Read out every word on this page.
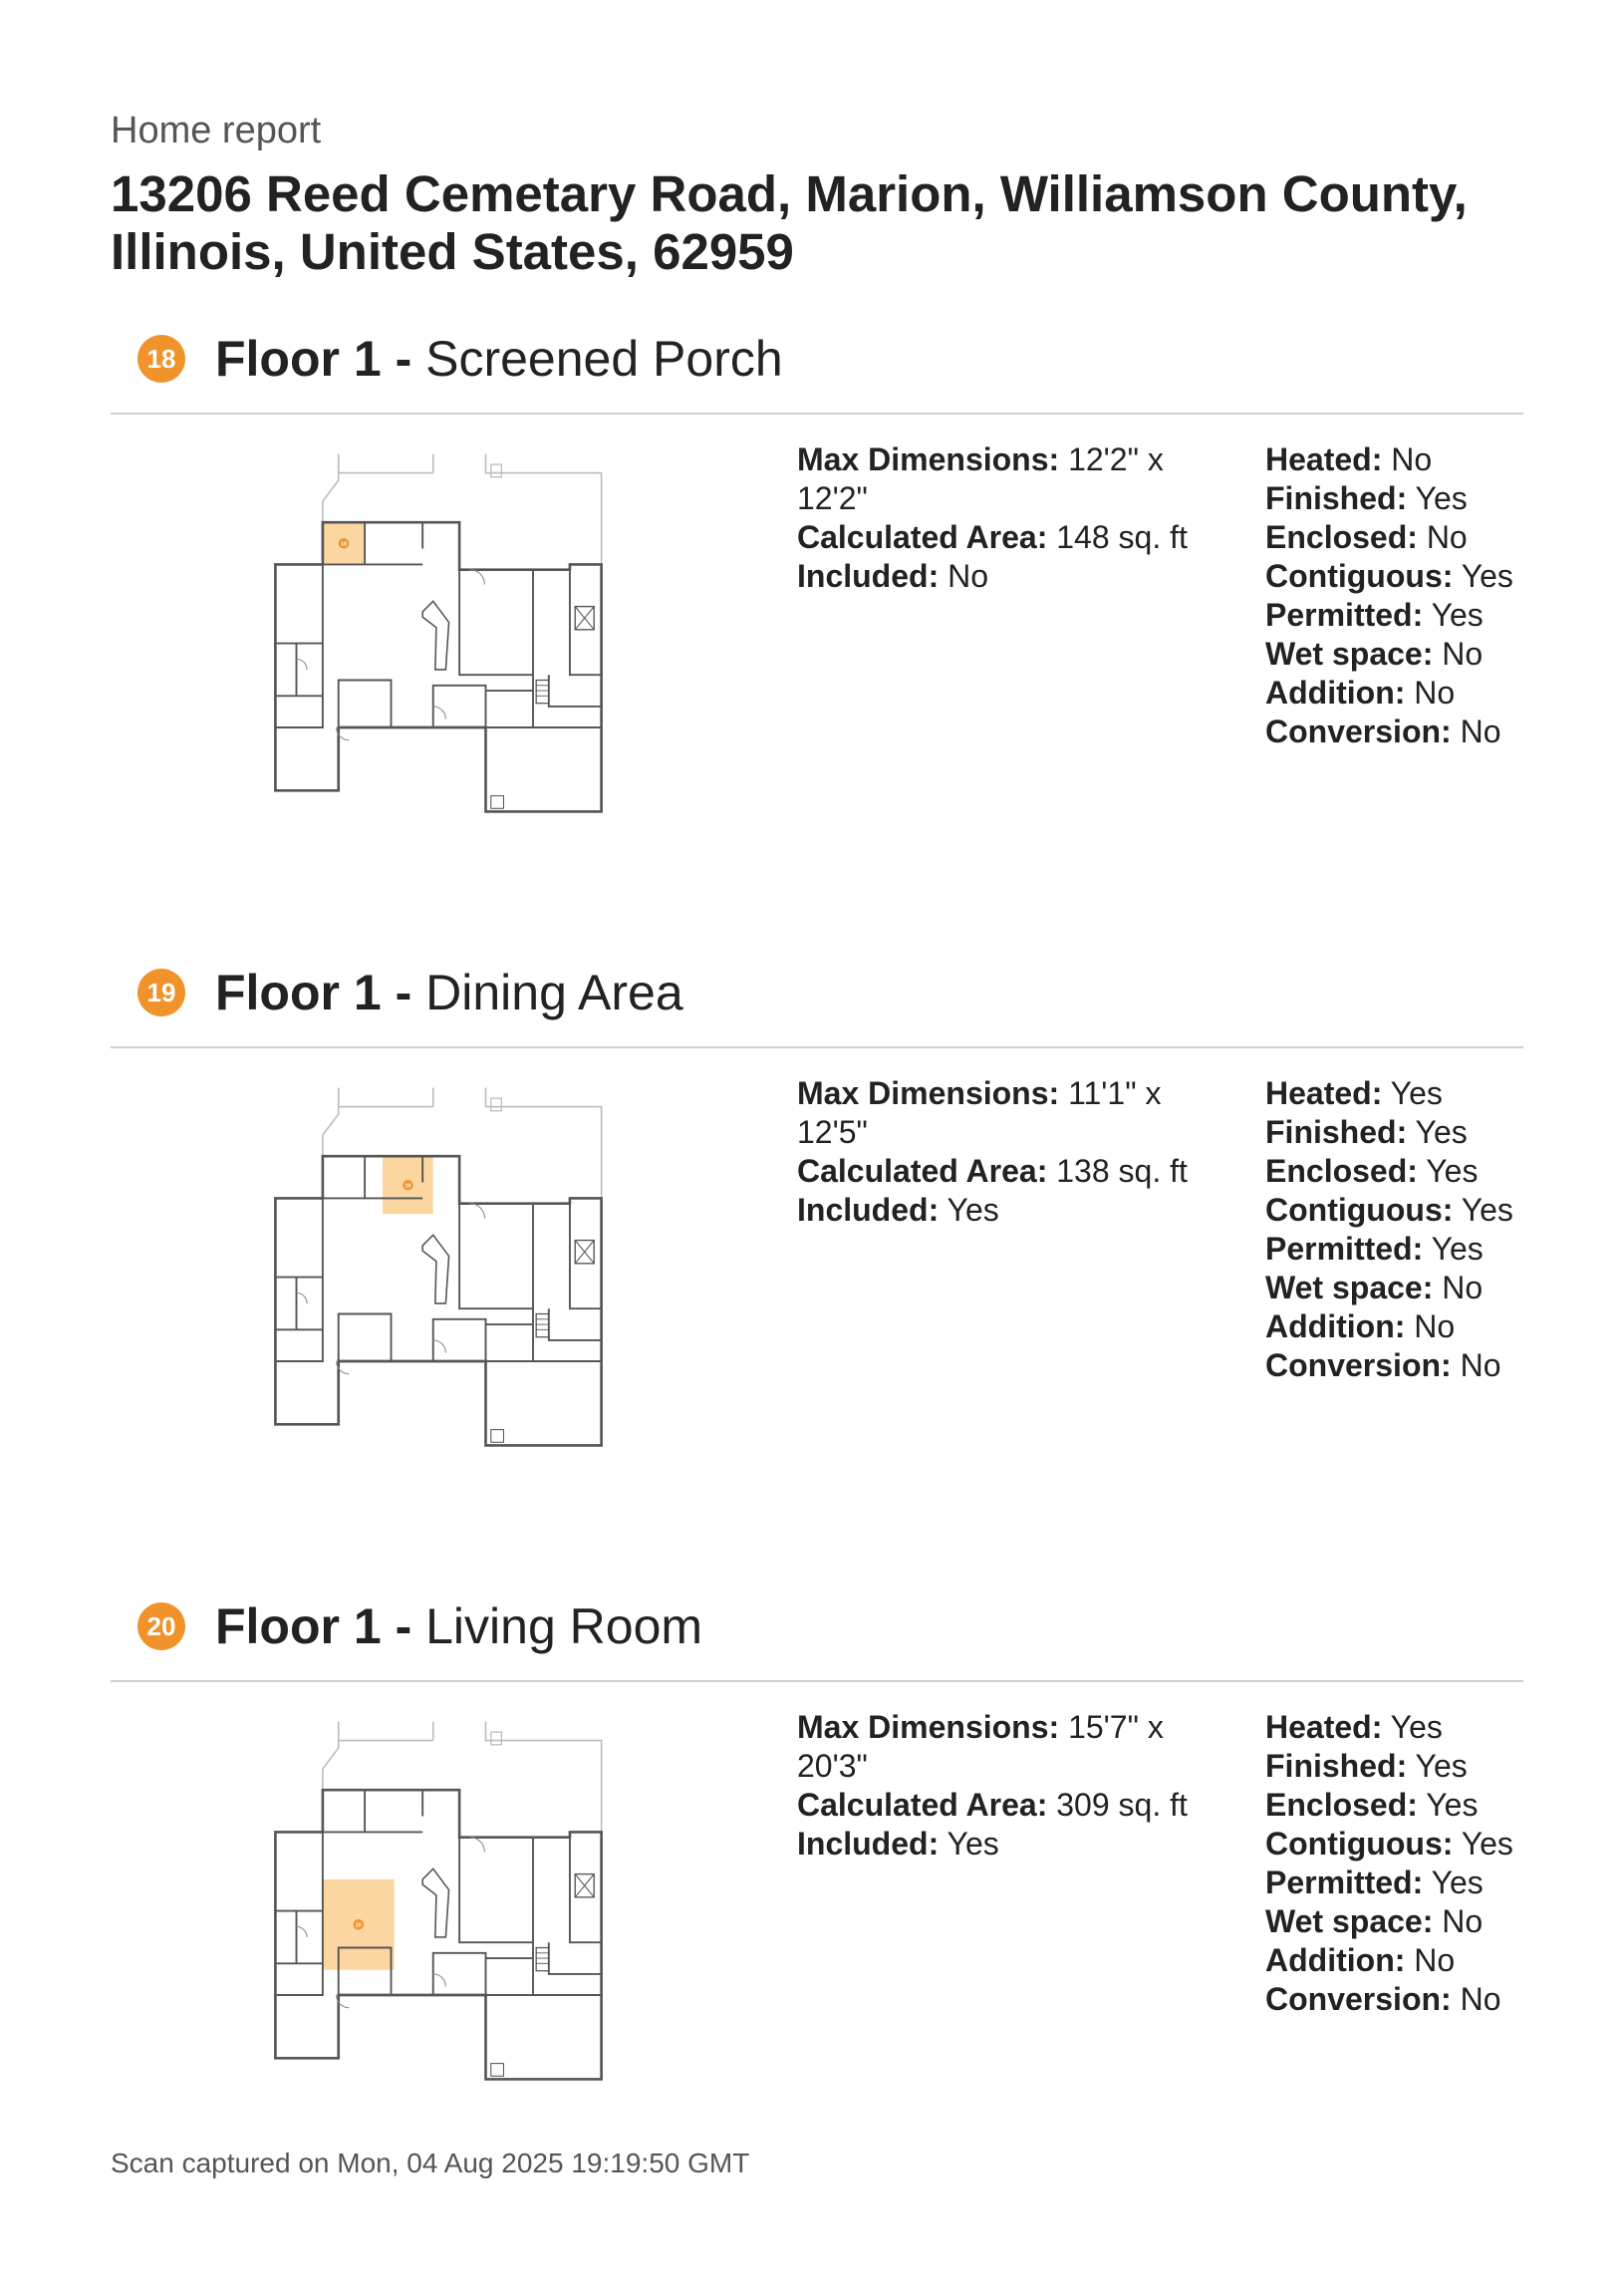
Home report
13206 Reed Cemetary Road, Marion, Williamson County, Illinois, United States, 62959
18 Floor 1 - Screened Porch
18
Max Dimensions: 12'2" x 12'2"
Calculated Area: 148 sq. ft
Included: No
Heated: No
Finished: Yes
Enclosed: No
Contiguous: Yes
Permitted: Yes
Wet space: No
Addition: No
Conversion: No
19 Floor 1 - Dining Area
19
Max Dimensions: 11'1" x 12'5"
Calculated Area: 138 sq. ft
Included: Yes
Heated: Yes
Finished: Yes
Enclosed: Yes
Contiguous: Yes
Permitted: Yes
Wet space: No
Addition: No
Conversion: No
20 Floor 1 - Living Room
20
Max Dimensions: 15'7" x 20'3"
Calculated Area: 309 sq. ft
Included: Yes
Heated: Yes
Finished: Yes
Enclosed: Yes
Contiguous: Yes
Permitted: Yes
Wet space: No
Addition: No
Conversion: No
Scan captured on Mon, 04 Aug 2025 19:19:50 GMT
